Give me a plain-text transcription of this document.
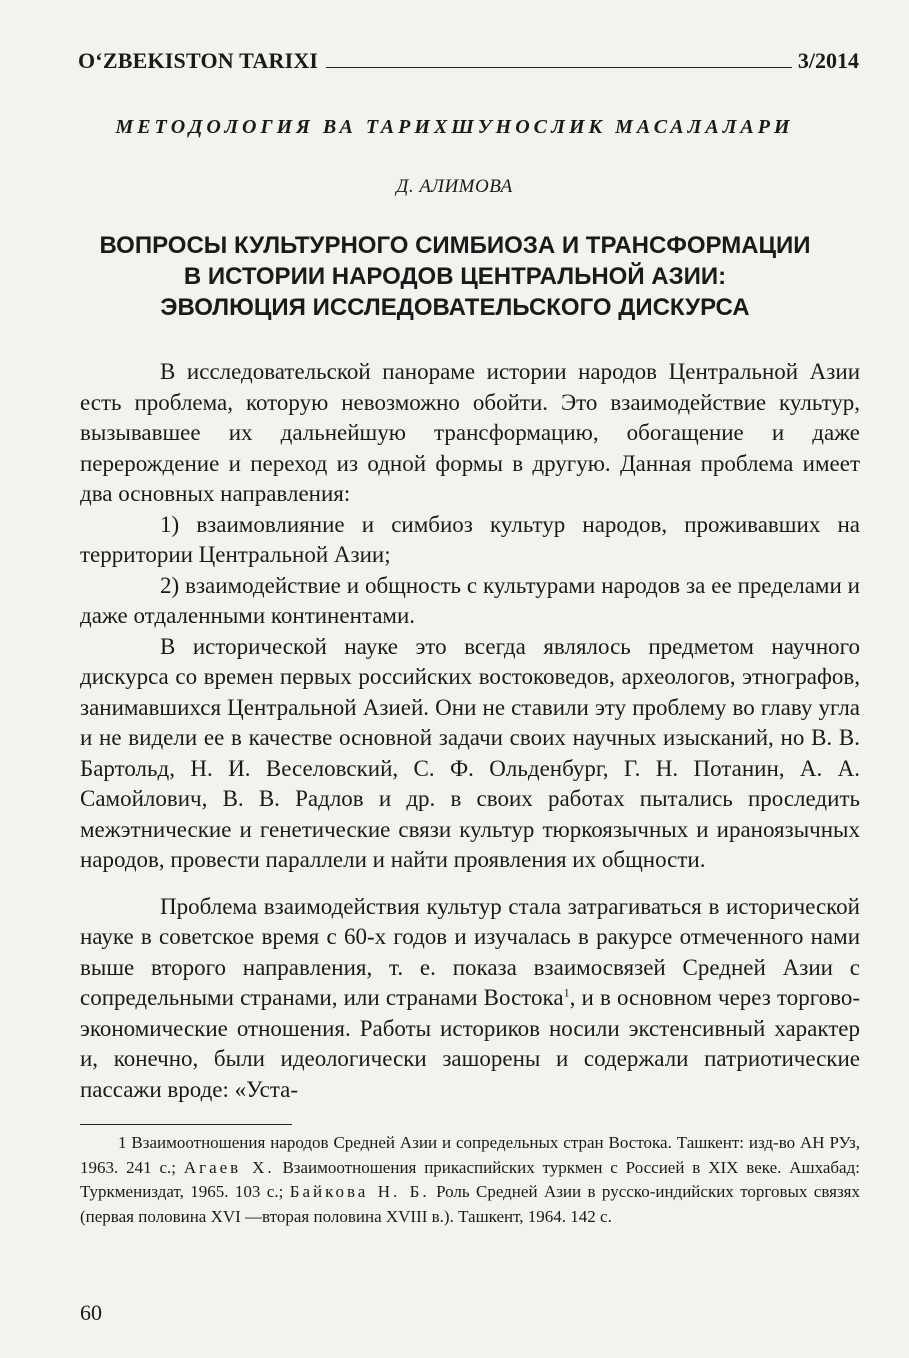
O‘ZBEKISTON TARIXI	3/2014
МЕТОДОЛОГИЯ ВА ТАРИХШУНОСЛИК МАСАЛАЛАРИ
Д. АЛИМОВА
ВОПРОСЫ КУЛЬТУРНОГО СИМБИОЗА И ТРАНСФОРМАЦИИ
В ИСТОРИИ НАРОДОВ ЦЕНТРАЛЬНОЙ АЗИИ:
ЭВОЛЮЦИЯ ИССЛЕДОВАТЕЛЬСКОГО ДИСКУРСА

В исследовательской панораме истории народов Центральной Азии есть проблема, которую невозможно обойти. Это взаимодействие культур, вызывавшее их дальнейшую трансформацию, обогащение и даже перерождение и переход из одной формы в другую. Данная проблема имеет два основных направления:

1) взаимовлияние и симбиоз культур народов, проживавших на территории Центральной Азии;

2) взаимодействие и общность с культурами народов за ее пределами и даже отдаленными континентами.

В исторической науке это всегда являлось предметом научного дискурса со времен первых российских востоковедов, археологов, этнографов, занимавшихся Центральной Азией. Они не ставили эту проблему во главу угла и не видели ее в качестве основной задачи своих научных изысканий, но В. В. Бартольд, Н. И. Веселовский, С. Ф. Ольденбург, Г. Н. Потанин, А. А. Самойлович, В. В. Радлов и др. в своих работах пытались проследить межэтнические и генетические связи культур тюркоязычных и ираноязычных народов, провести параллели и найти проявления их общности.

Проблема взаимодействия культур стала затрагиваться в исторической науке в советское время с 60-х годов и изучалась в ракурсе отмеченного нами выше второго направления, т. е. показа взаимосвязей Средней Азии с сопредельными странами, или странами Востока$^1$, и в основном через торгово-экономические отношения. Работы историков носили экстенсивный характер и, конечно, были идеологически зашорены и содержали патриотические пассажи вроде: «Уста-

1 Взаимоотношения народов Средней Азии и сопредельных стран Востока. Ташкент: изд-во АН РУз, 1963. 241 с.; Агаев Х. Взаимоотношения прикаспийских туркмен с Россией в XIX веке. Ашхабад: Туркмениздат, 1965. 103 с.; Байкова Н. Б. Роль Средней Азии в русско-индийских торговых связях (первая половина XVI —вторая половина XVIII в.). Ташкент, 1964. 142 с.

60
